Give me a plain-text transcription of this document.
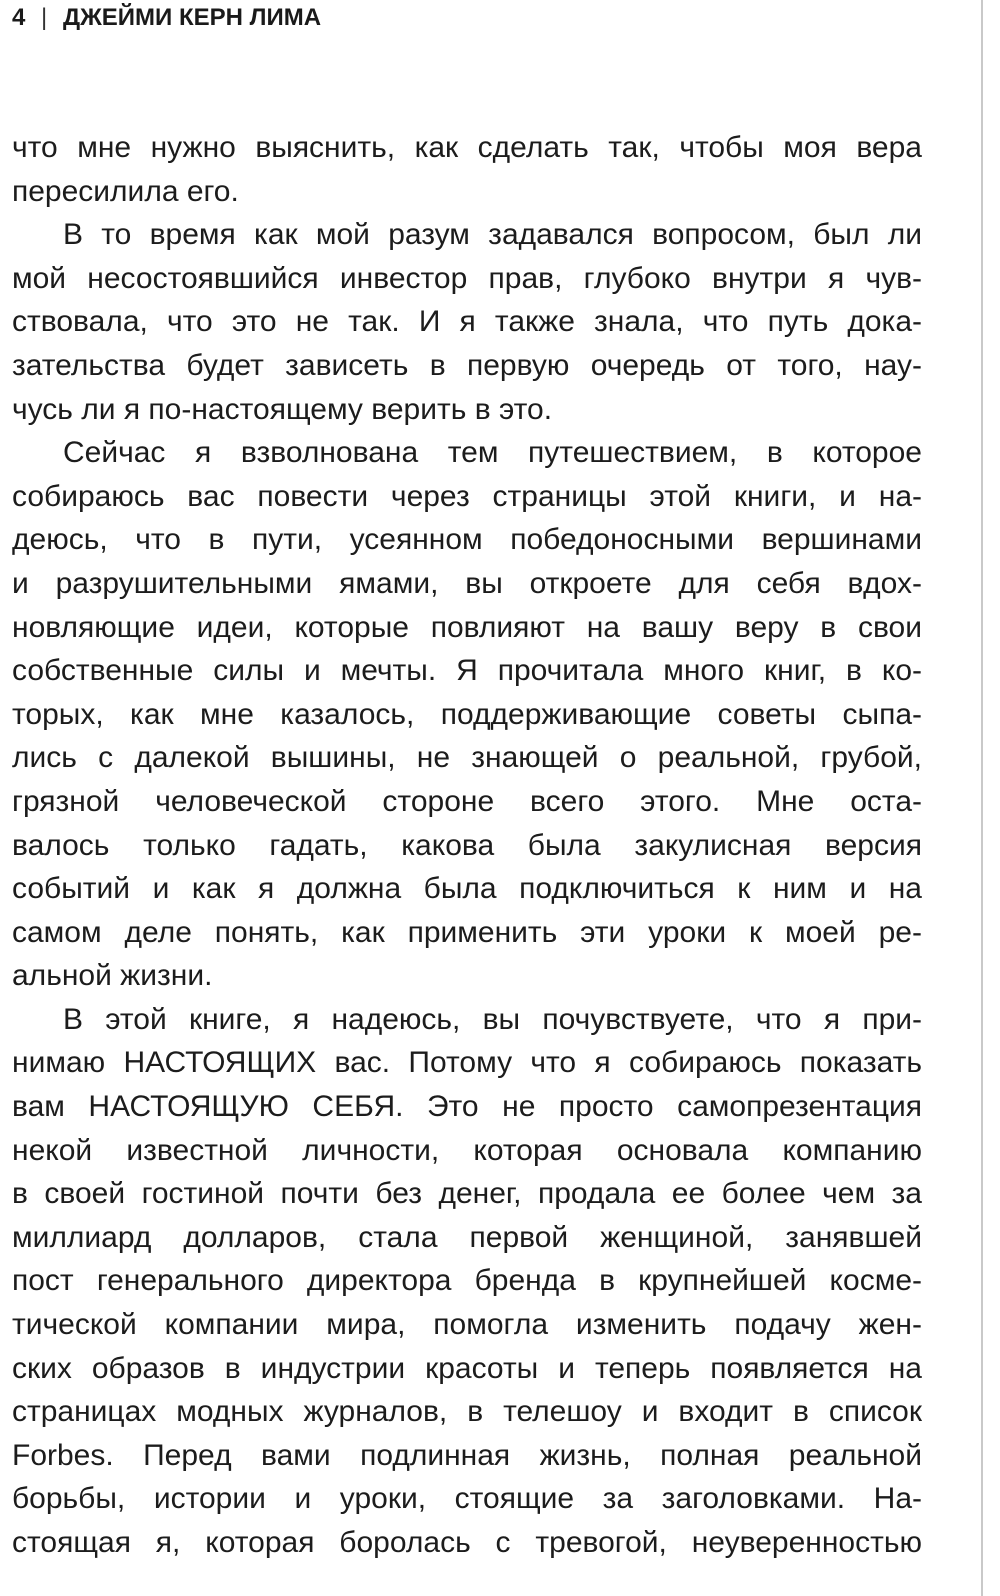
4 | ДЖЕЙМИ КЕРН ЛИМА
что мне нужно выяснить, как сделать так, чтобы моя вера
пересилила его.
В то время как мой разум задавался вопросом, был ли
мой несостоявшийся инвестор прав, глубоко внутри я чув-
ствовала, что это не так. И я также знала, что путь дока-
зательства будет зависеть в первую очередь от того, нау-
чусь ли я по-настоящему верить в это.
Сейчас я взволнована тем путешествием, в которое
собираюсь вас повести через страницы этой книги, и на-
деюсь, что в пути, усеянном победоносными вершинами
и разрушительными ямами, вы откроете для себя вдох-
новляющие идеи, которые повлияют на вашу веру в свои
собственные силы и мечты. Я прочитала много книг, в ко-
торых, как мне казалось, поддерживающие советы сыпа-
лись с далекой вышины, не знающей о реальной, грубой,
грязной человеческой стороне всего этого. Мне оста-
валось только гадать, какова была закулисная версия
событий и как я должна была подключиться к ним и на
самом деле понять, как применить эти уроки к моей ре-
альной жизни.
В этой книге, я надеюсь, вы почувствуете, что я при-
нимаю НАСТОЯЩИХ вас. Потому что я собираюсь показать
вам НАСТОЯЩУЮ СЕБЯ. Это не просто самопрезентация
некой известной личности, которая основала компанию
в своей гостиной почти без денег, продала ее более чем за
миллиард долларов, стала первой женщиной, занявшей
пост генерального директора бренда в крупнейшей косме-
тической компании мира, помогла изменить подачу жен-
ских образов в индустрии красоты и теперь появляется на
страницах модных журналов, в телешоу и входит в список
Forbes. Перед вами подлинная жизнь, полная реальной
борьбы, истории и уроки, стоящие за заголовками. На-
стоящая я, которая боролась с тревогой, неуверенностью
